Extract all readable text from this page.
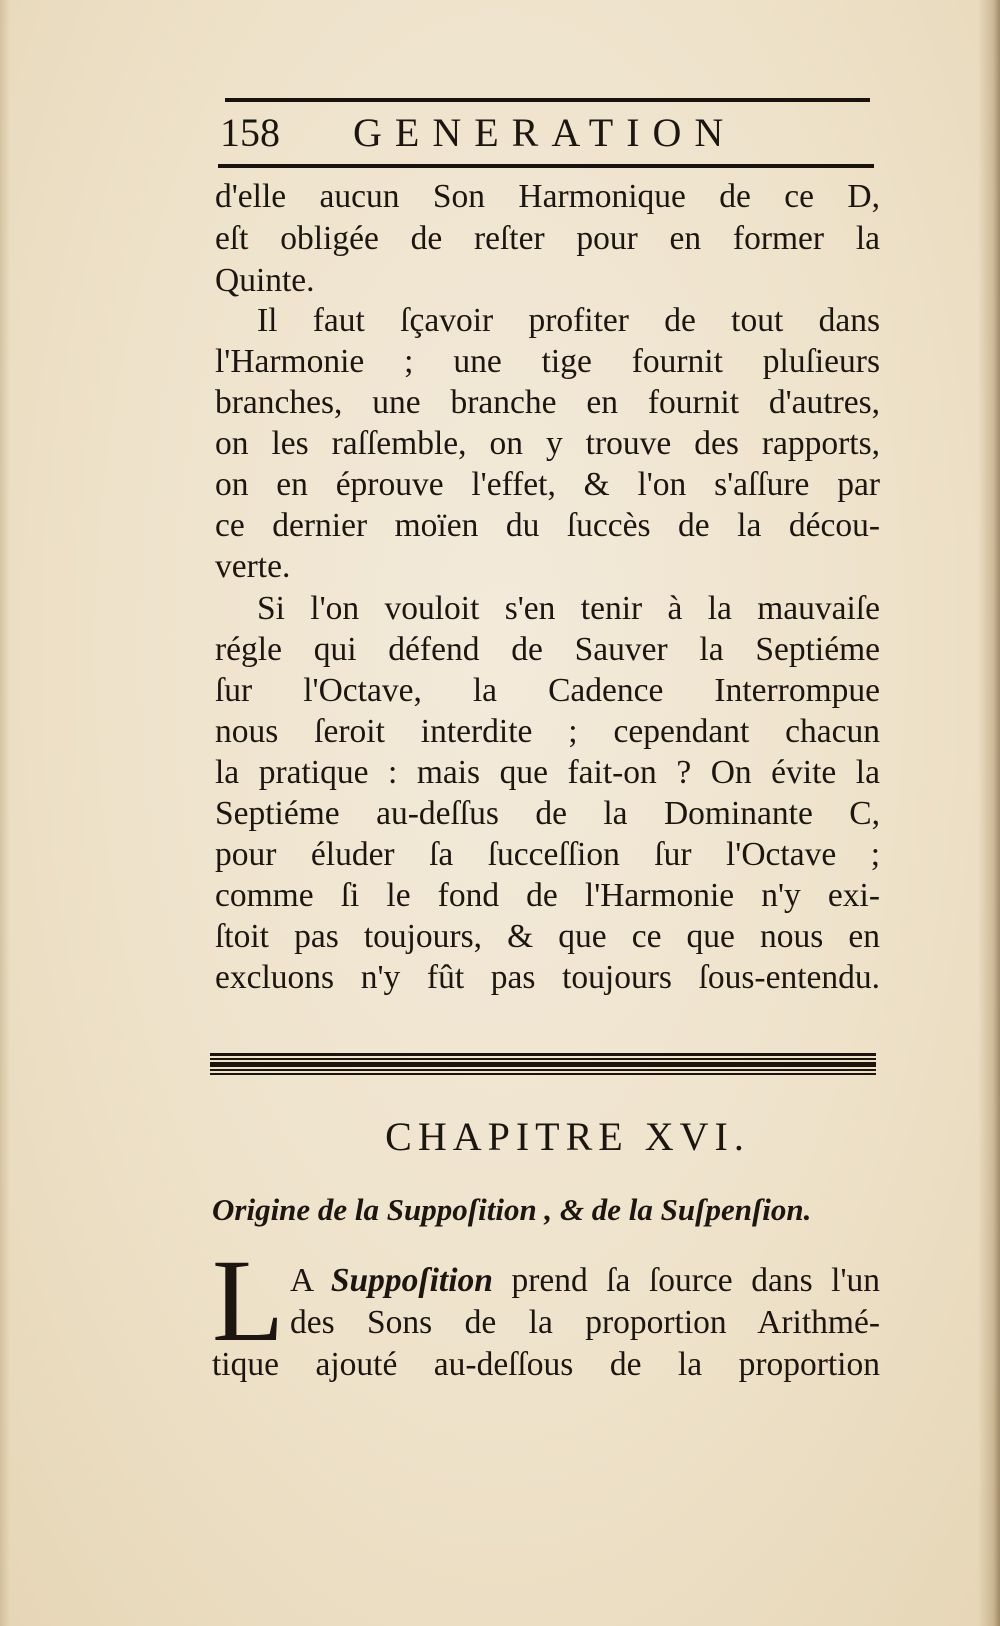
158 GENERATION
d'elle aucun Son Harmonique de ce D,
eſt obligée de reſter pour en former la
Quinte.
Il faut ſçavoir profiter de tout dans
l'Harmonie ; une tige fournit pluſieurs
branches, une branche en fournit d'autres,
on les raſſemble, on y trouve des rapports,
on en éprouve l'effet, & l'on s'aſſure par
ce dernier moïen du ſuccès de la décou-
verte.
Si l'on vouloit s'en tenir à la mauvaiſe
régle qui défend de Sauver la Septiéme
ſur l'Octave, la Cadence Interrompue
nous ſeroit interdite ; cependant chacun
la pratique : mais que fait-on ? On évite la
Septiéme au-deſſus de la Dominante C,
pour éluder ſa ſucceſſion ſur l'Octave ;
comme ſi le fond de l'Harmonie n'y exi-
ſtoit pas toujours, & que ce que nous en
excluons n'y fût pas toujours ſous-entendu.
CHAPITRE XVI.
Origine de la Suppoſition , & de la Suſpenſion.
L A Suppoſition prend ſa ſource dans l'un
des Sons de la proportion Arithmé-
tique ajouté au-deſſous de la proportion
